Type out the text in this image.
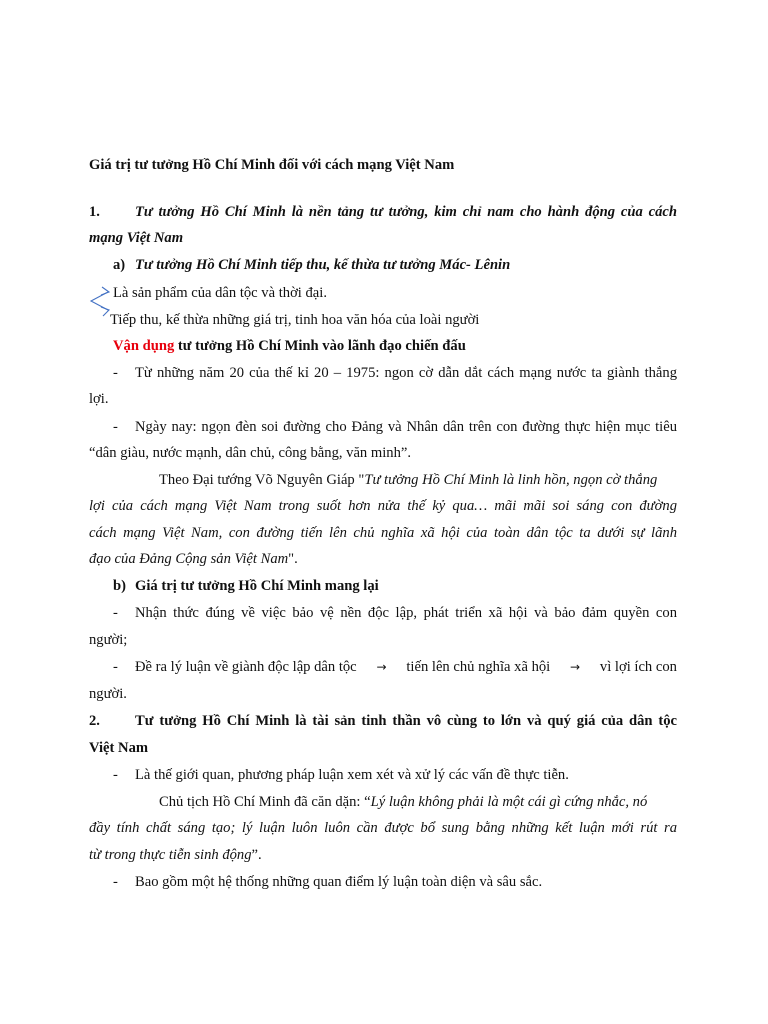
Giá trị tư tưởng Hồ Chí Minh đối với cách mạng Việt Nam
1.	Tư tưởng Hồ Chí Minh là nền tảng tư tưởng, kim chỉ nam cho hành động của cách
mạng Việt Nam
a) Tư tưởng Hồ Chí Minh tiếp thu, kế thừa tư tưởng Mác- Lênin
Là sản phẩm của dân tộc và thời đại.
Tiếp thu, kế thừa những giá trị, tinh hoa văn hóa của loài người
Vận dụng tư tưởng Hồ Chí Minh vào lãnh đạo chiến đấu
-	Từ những năm 20 của thế kỉ 20 – 1975: ngon cờ dẫn dắt cách mạng nước ta giành thắng
lợi.
-	Ngày nay: ngọn đèn soi đường cho Đảng và Nhân dân trên con đường thực hiện mục tiêu
“dân giàu, nước mạnh, dân chủ, công bằng, văn minh”.
Theo Đại tướng Võ Nguyên Giáp "Tư tưởng Hồ Chí Minh là linh hồn, ngọn cờ thắng
lợi của cách mạng Việt Nam trong suốt hơn nửa thế kỷ qua… mãi mãi soi sáng con đường
cách mạng Việt Nam, con đường tiến lên chủ nghĩa xã hội của toàn dân tộc ta dưới sự lãnh
đạo của Đảng Cộng sản Việt Nam".
b) Giá trị tư tưởng Hồ Chí Minh mang lại
-	Nhận thức đúng về việc bảo vệ nền độc lập, phát triển xã hội và bảo đảm quyền con
người;
- Đề ra lý luận về giành độc lập dân tộc → tiến lên chủ nghĩa xã hội → vì lợi ích con
người.
2.	Tư tưởng Hồ Chí Minh là tài sản tinh thần vô cùng to lớn và quý giá của dân tộc
Việt Nam
- Là thế giới quan, phương pháp luận xem xét và xử lý các vấn đề thực tiễn.
Chủ tịch Hồ Chí Minh đã căn dặn: “Lý luận không phải là một cái gì cứng nhắc, nó
đầy tính chất sáng tạo; lý luận luôn luôn cần được bổ sung bằng những kết luận mới rút ra
từ trong thực tiễn sinh động”.
- Bao gồm một hệ thống những quan điểm lý luận toàn diện và sâu sắc.
